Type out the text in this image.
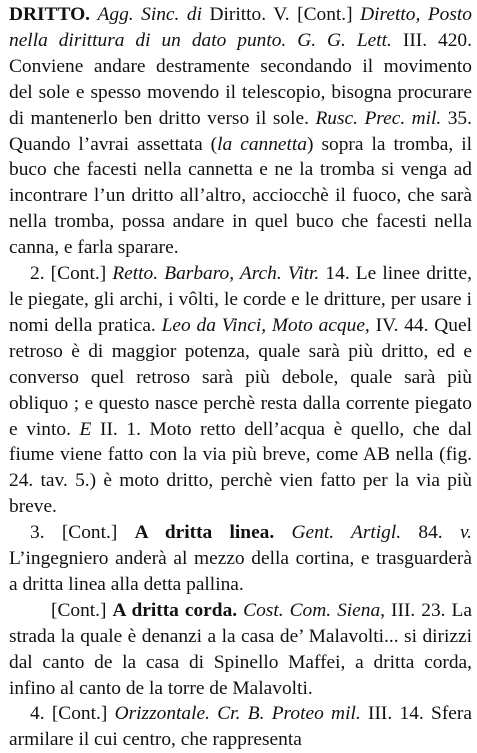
DRITTO. Agg. Sinc. di Diritto. V. [Cont.] Diretto, Posto nella dirittura di un dato punto. G. G. Lett. III. 420. Conviene andare destramente secondando il movimento del sole e spesso movendo il telescopio, bisogna procurare di mantenerlo ben dritto verso il sole. Rusc. Prec. mil. 35. Quando l’avrai assettata (la cannetta) sopra la tromba, il buco che facesti nella cannetta e ne la tromba si venga ad incontrare l’un dritto all’altro, acciocchè il fuoco, che sarà nella tromba, possa andare in quel buco che facesti nella canna, e farla sparare.

2. [Cont.] Retto. Barbaro, Arch. Vitr. 14. Le linee dritte, le piegate, gli archi, i vôlti, le corde e le dritture, per usare i nomi della pratica. Leo da Vinci, Moto acque, IV. 44. Quel retroso è di maggior potenza, quale sarà più dritto, ed e converso quel retroso sarà più debole, quale sarà più obliquo ; e questo nasce perchè resta dalla corrente piegato e vinto. E II. 1. Moto retto dell’acqua è quello, che dal fiume viene fatto con la via più breve, come AB nella (fig. 24. tav. 5.) è moto dritto, perchè vien fatto per la via più breve.

3. [Cont.] A dritta linea. Gent. Artigl. 84. v. L’ingegniero anderà al mezzo della cortina, e trasguarderà a dritta linea alla detta pallina.

[Cont.] A dritta corda. Cost. Com. Siena, III. 23. La strada la quale è denanzi a la casa de’ Malavolti... si dirizzi dal canto de la casa di Spinello Maffei, a dritta corda, infino al canto de la torre de Malavolti.

4. [Cont.] Orizzontale. Cr. B. Proteo mil. III. 14. Sfera armilare il cui centro, che rappresenta
